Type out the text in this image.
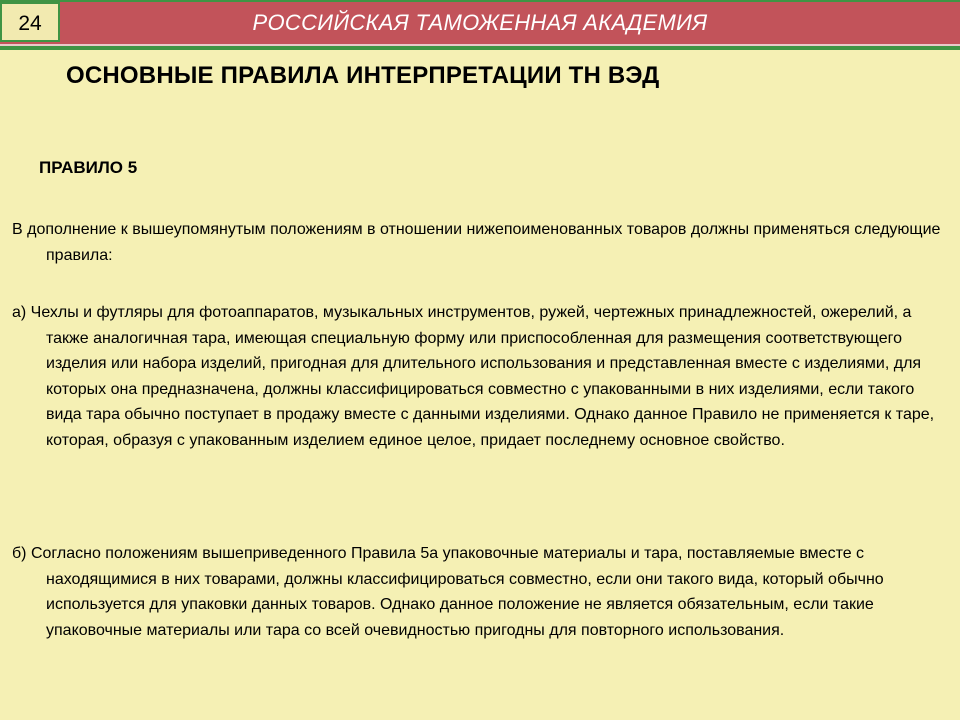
РОССИЙСКАЯ ТАМОЖЕННАЯ АКАДЕМИЯ
24
ОСНОВНЫЕ ПРАВИЛА ИНТЕРПРЕТАЦИИ ТН ВЭД
ПРАВИЛО 5
В дополнение к вышеупомянутым положениям в отношении нижепоименованных товаров должны применяться следующие правила:
а) Чехлы и футляры для фотоаппаратов, музыкальных инструментов, ружей, чертежных принадлежностей, ожерелий, а также аналогичная тара, имеющая специальную форму или приспособленная для размещения соответствующего изделия или набора изделий, пригодная для длительного использования и представленная вместе с изделиями, для которых она предназначена, должны классифицироваться совместно с упакованными в них изделиями, если такого вида тара обычно поступает в продажу вместе с данными изделиями. Однако данное Правило не применяется к таре, которая, образуя с упакованным изделием единое целое, придает последнему основное свойство.
б) Согласно положениям вышеприведенного Правила 5а упаковочные материалы и тара, поставляемые вместе с находящимися в них товарами, должны классифицироваться совместно, если они такого вида, который обычно используется для упаковки данных товаров. Однако данное положение не является обязательным, если такие упаковочные материалы или тара со всей очевидностью пригодны для повторного использования.
